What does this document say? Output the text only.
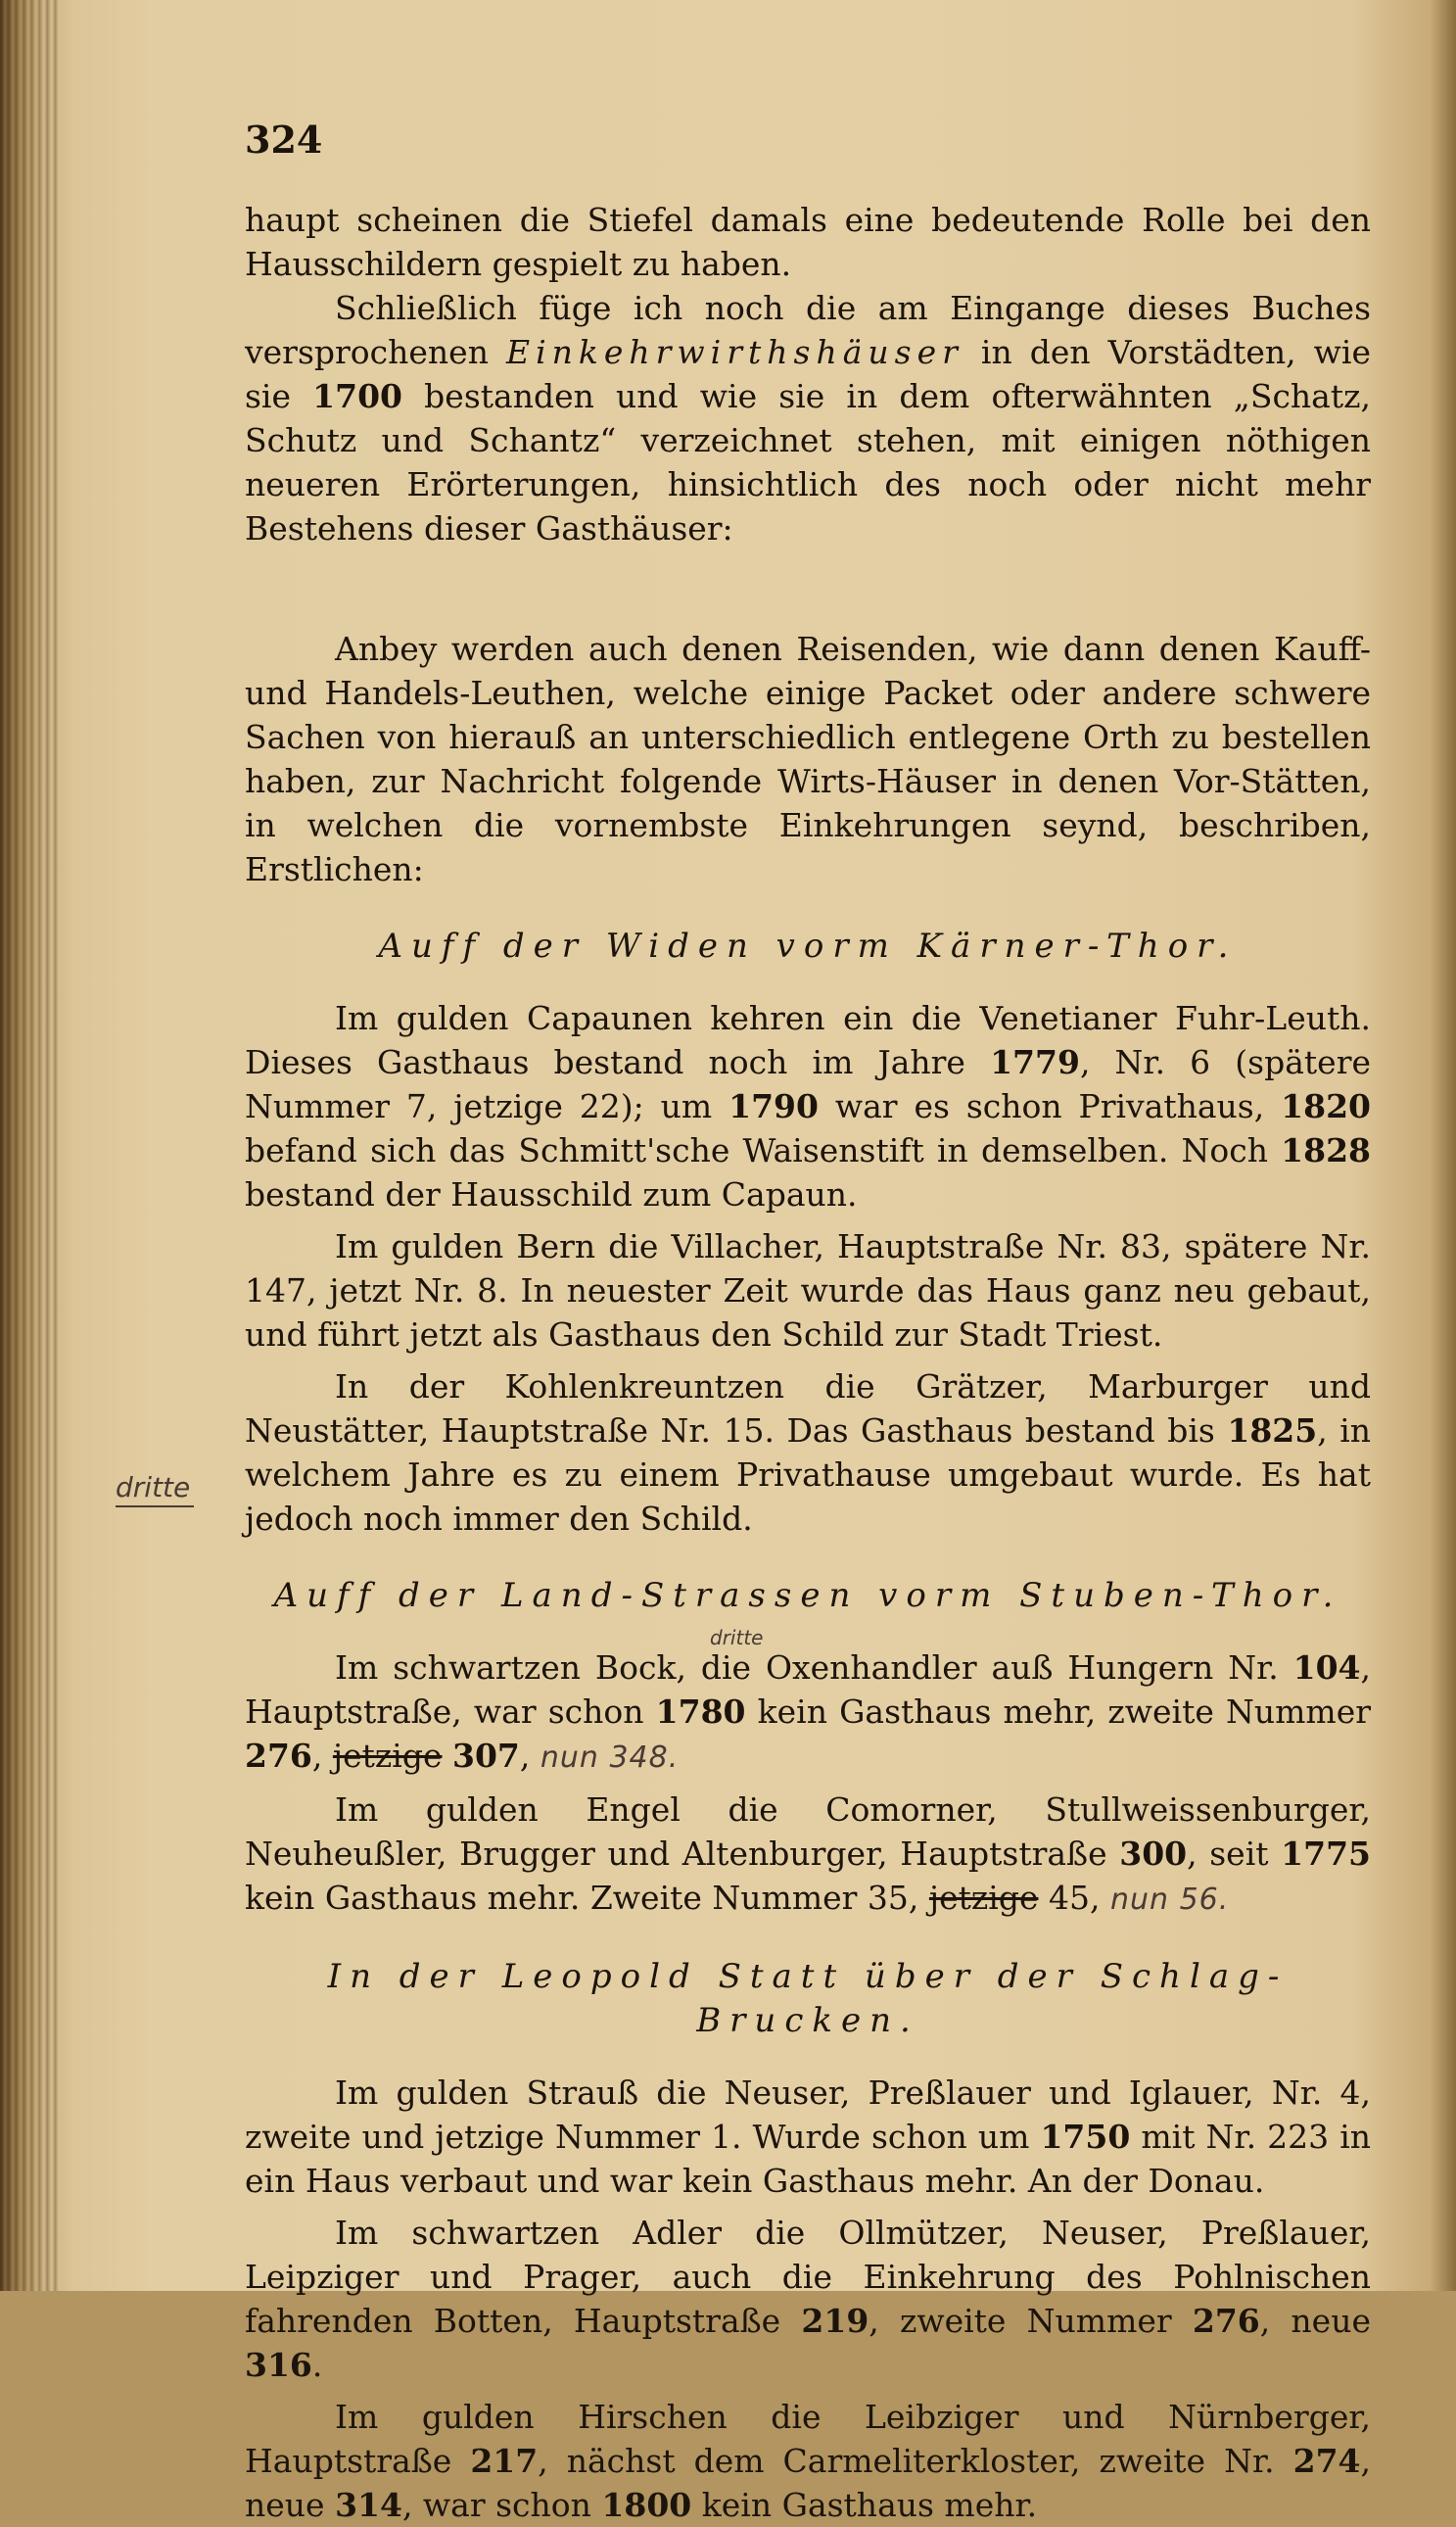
dritte
dritte
324

haupt scheinen die Stiefel damals eine bedeutende Rolle bei den Hausschildern gespielt zu haben.

Schließlich füge ich noch die am Eingange dieses Buches versprochenen Einkehrwirthshäuser in den Vorstädten, wie sie 1700 bestanden und wie sie in dem ofterwähnten „Schatz, Schutz und Schantz“ verzeichnet stehen, mit einigen nöthigen neueren Erörterungen, hinsichtlich des noch oder nicht mehr Bestehens dieser Gasthäuser:

Anbey werden auch denen Reisenden, wie dann denen Kauff- und Handels-Leuthen, welche einige Packet oder andere schwere Sachen von hierauß an unterschiedlich entlegene Orth zu bestellen haben, zur Nachricht folgende Wirts-Häuser in denen Vor-Stätten, in welchen die vornembste Einkehrungen seynd, beschriben, Erstlichen:

Auff der Widen vorm Kärner-Thor.

Im gulden Capaunen kehren ein die Venetianer Fuhr-Leuth. Dieses Gasthaus bestand noch im Jahre 1779, Nr. 6 (spätere Nummer 7, jetzige 22); um 1790 war es schon Privathaus, 1820 befand sich das Schmitt'sche Waisenstift in demselben. Noch 1828 bestand der Hausschild zum Capaun.

Im gulden Bern die Villacher, Hauptstraße Nr. 83, spätere Nr. 147, jetzt Nr. 8. In neuester Zeit wurde das Haus ganz neu gebaut, und führt jetzt als Gasthaus den Schild zur Stadt Triest.

In der Kohlenkreuntzen die Grätzer, Marburger und Neustätter, Hauptstraße Nr. 15. Das Gasthaus bestand bis 1825, in welchem Jahre es zu einem Privathause umgebaut wurde. Es hat jedoch noch immer den Schild.

Auff der Land-Strassen vorm Stuben-Thor.

Im schwartzen Bock, die Oxenhandler auß Hungern Nr. 104, Hauptstraße, war schon 1780 kein Gasthaus mehr, zweite Nummer 276, jetzige 307, nun 348.

Im gulden Engel die Comorner, Stullweissenburger, Neuheußler, Brugger und Altenburger, Hauptstraße 300, seit 1775 kein Gasthaus mehr. Zweite Nummer 35, jetzige 45, nun 56.

In der Leopold Statt über der Schlag-Brucken.

Im gulden Strauß die Neuser, Preßlauer und Iglauer, Nr. 4, zweite und jetzige Nummer 1. Wurde schon um 1750 mit Nr. 223 in ein Haus verbaut und war kein Gasthaus mehr. An der Donau.

Im schwartzen Adler die Ollmützer, Neuser, Preßlauer, Leipziger und Prager, auch die Einkehrung des Pohlnischen fahrenden Botten, Hauptstraße 219, zweite Nummer 276, neue 316.

Im gulden Hirschen die Leibziger und Nürnberger, Hauptstraße 217, nächst dem Carmeliterkloster, zweite Nr. 274, neue 314, war schon 1800 kein Gasthaus mehr.
